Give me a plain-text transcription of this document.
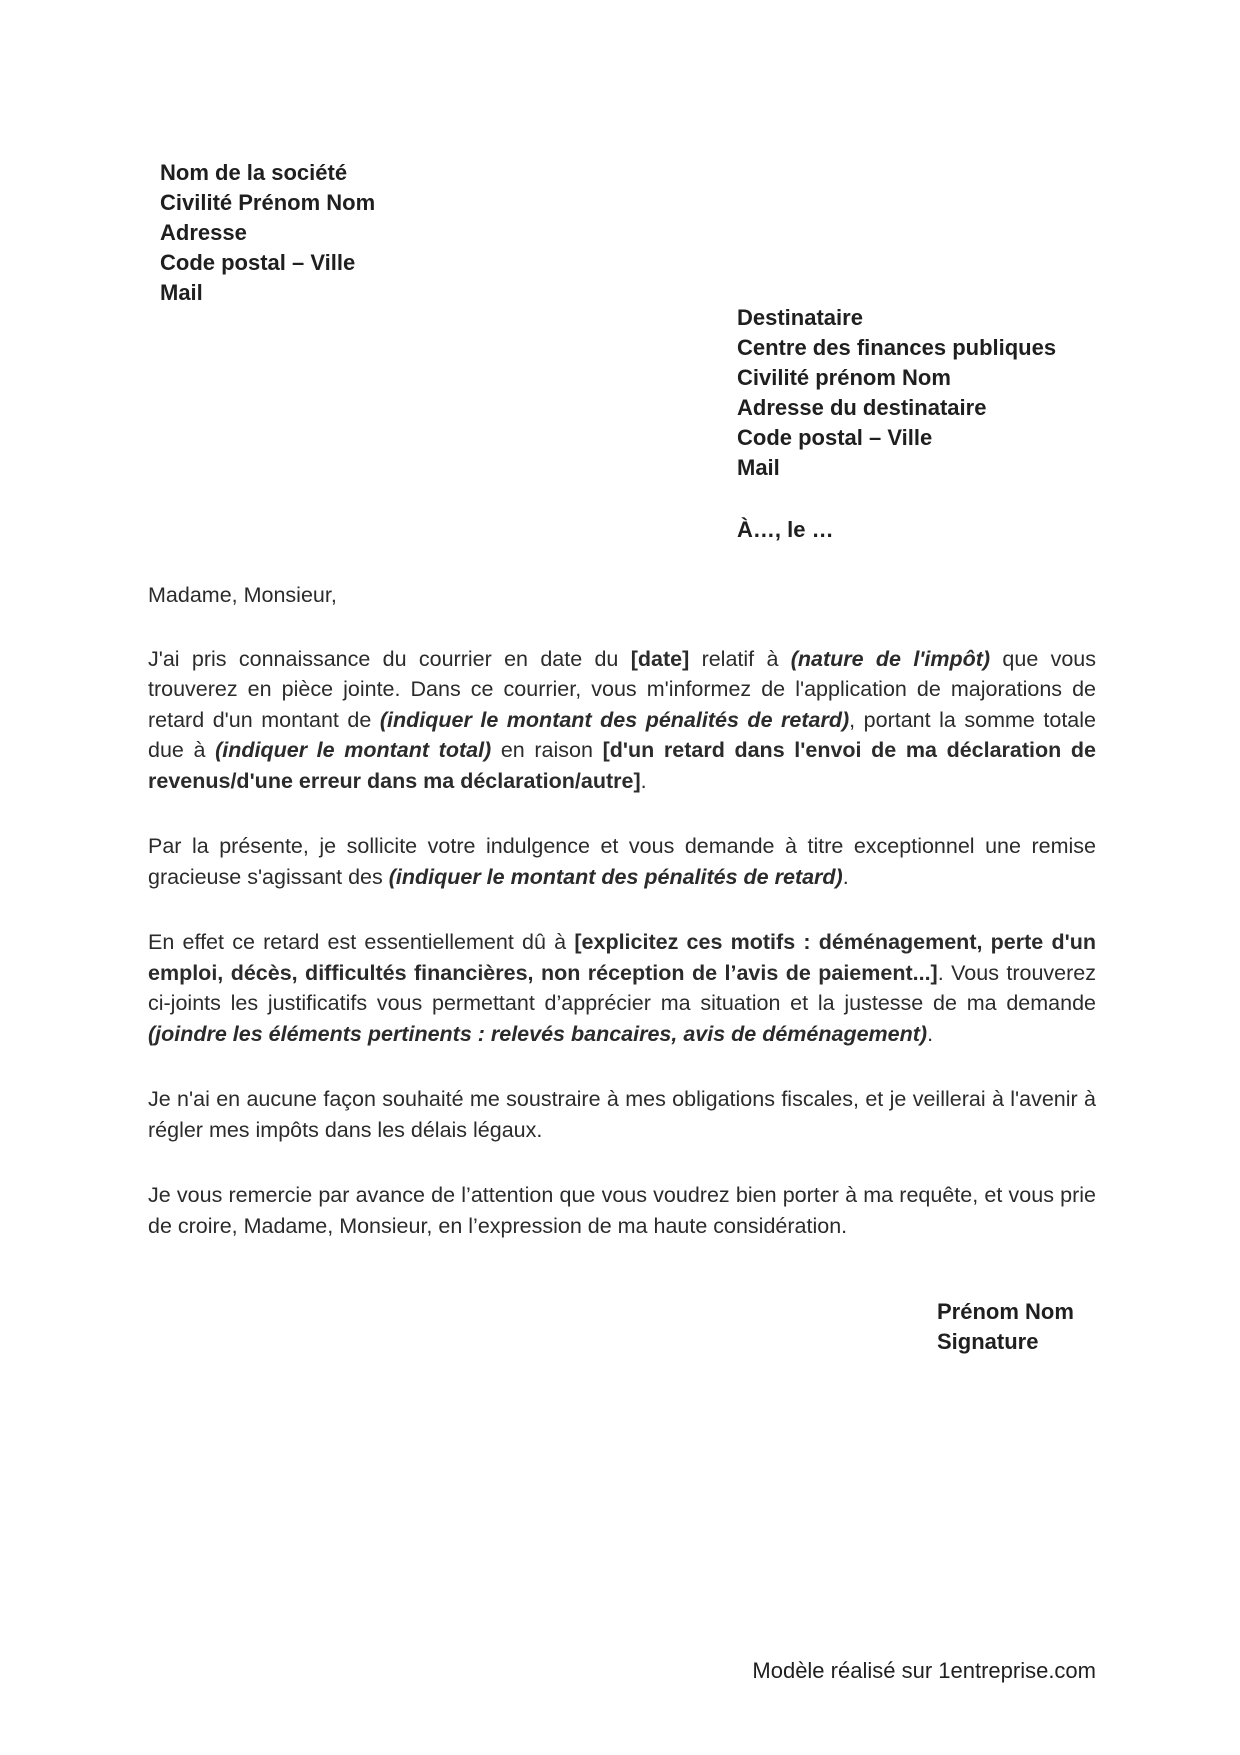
Nom de la société
Civilité Prénom Nom
Adresse
Code postal – Ville
Mail
Destinataire
Centre des finances publiques
Civilité prénom Nom
Adresse du destinataire
Code postal – Ville
Mail
À…, le …

Madame, Monsieur,

J'ai pris connaissance du courrier en date du [date] relatif à (nature de l'impôt) que vous trouverez en pièce jointe. Dans ce courrier, vous m'informez de l'application de majorations de retard d'un montant de (indiquer le montant des pénalités de retard), portant la somme totale due à (indiquer le montant total) en raison [d'un retard dans l'envoi de ma déclaration de revenus/d'une erreur dans ma déclaration/autre].

Par la présente, je sollicite votre indulgence et vous demande à titre exceptionnel une remise gracieuse s'agissant des (indiquer le montant des pénalités de retard).

En effet ce retard est essentiellement dû à [explicitez ces motifs : déménagement, perte d'un emploi, décès, difficultés financières, non réception de l’avis de paiement...]. Vous trouverez ci-joints les justificatifs vous permettant d’apprécier ma situation et la justesse de ma demande (joindre les éléments pertinents : relevés bancaires, avis de déménagement).

Je n'ai en aucune façon souhaité me soustraire à mes obligations fiscales, et je veillerai à l'avenir à régler mes impôts dans les délais légaux.

Je vous remercie par avance de l’attention que vous voudrez bien porter à ma requête, et vous prie de croire, Madame, Monsieur, en l’expression de ma haute considération.

Prénom Nom
Signature
Modèle réalisé sur 1entreprise.com
